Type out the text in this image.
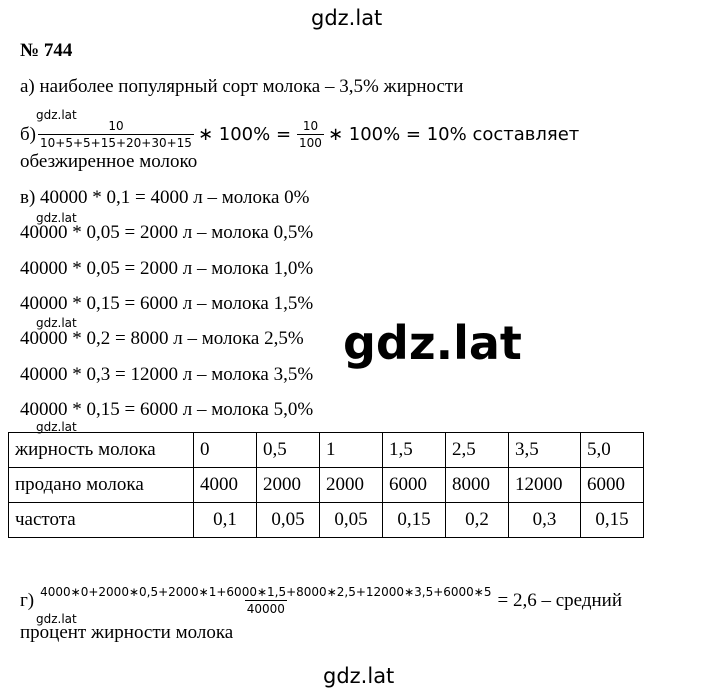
gdz.lat
№ 744
а) наиболее популярный сорт молока – 3,5% жирности
gdz.lat
$б) \frac{10}{10+5+5+15+20+30+15}$ ∗ $100\% = \frac{10}{100}$ ∗ 100% = 10% составляет
обезжиренное молоко
в) 40000 * 0,1 = 4000 л – молока 0%
gdz.lat
40000 * 0,05 = 2000 л – молока 0,5%
40000 * 0,05 = 2000 л – молока 1,0%
40000 * 0,15 = 6000 л – молока 1,5%
gdz.lat
40000 * 0,2 = 8000 л – молока 2,5%
40000 * 0,3 = 12000 л – молока 3,5%
40000 * 0,15 = 6000 л – молока 5,0%
gdz.lat
gdz.lat
жирность молока	0	0,5	1	1,5	2,5	3,5	5,0
продано молока	4000	2000	2000	6000	8000	12000	6000
частота	0,1	0,05	0,05	0,15	0,2	0,3	0,15
$г) \frac{4000∗0+2000∗0,5+2000∗1+6000∗1,5+8000∗2,5+12000∗3,5+6000∗5}{40000} = 2,6$ – средний
gdz.lat
процент жирности молока
gdz.lat
